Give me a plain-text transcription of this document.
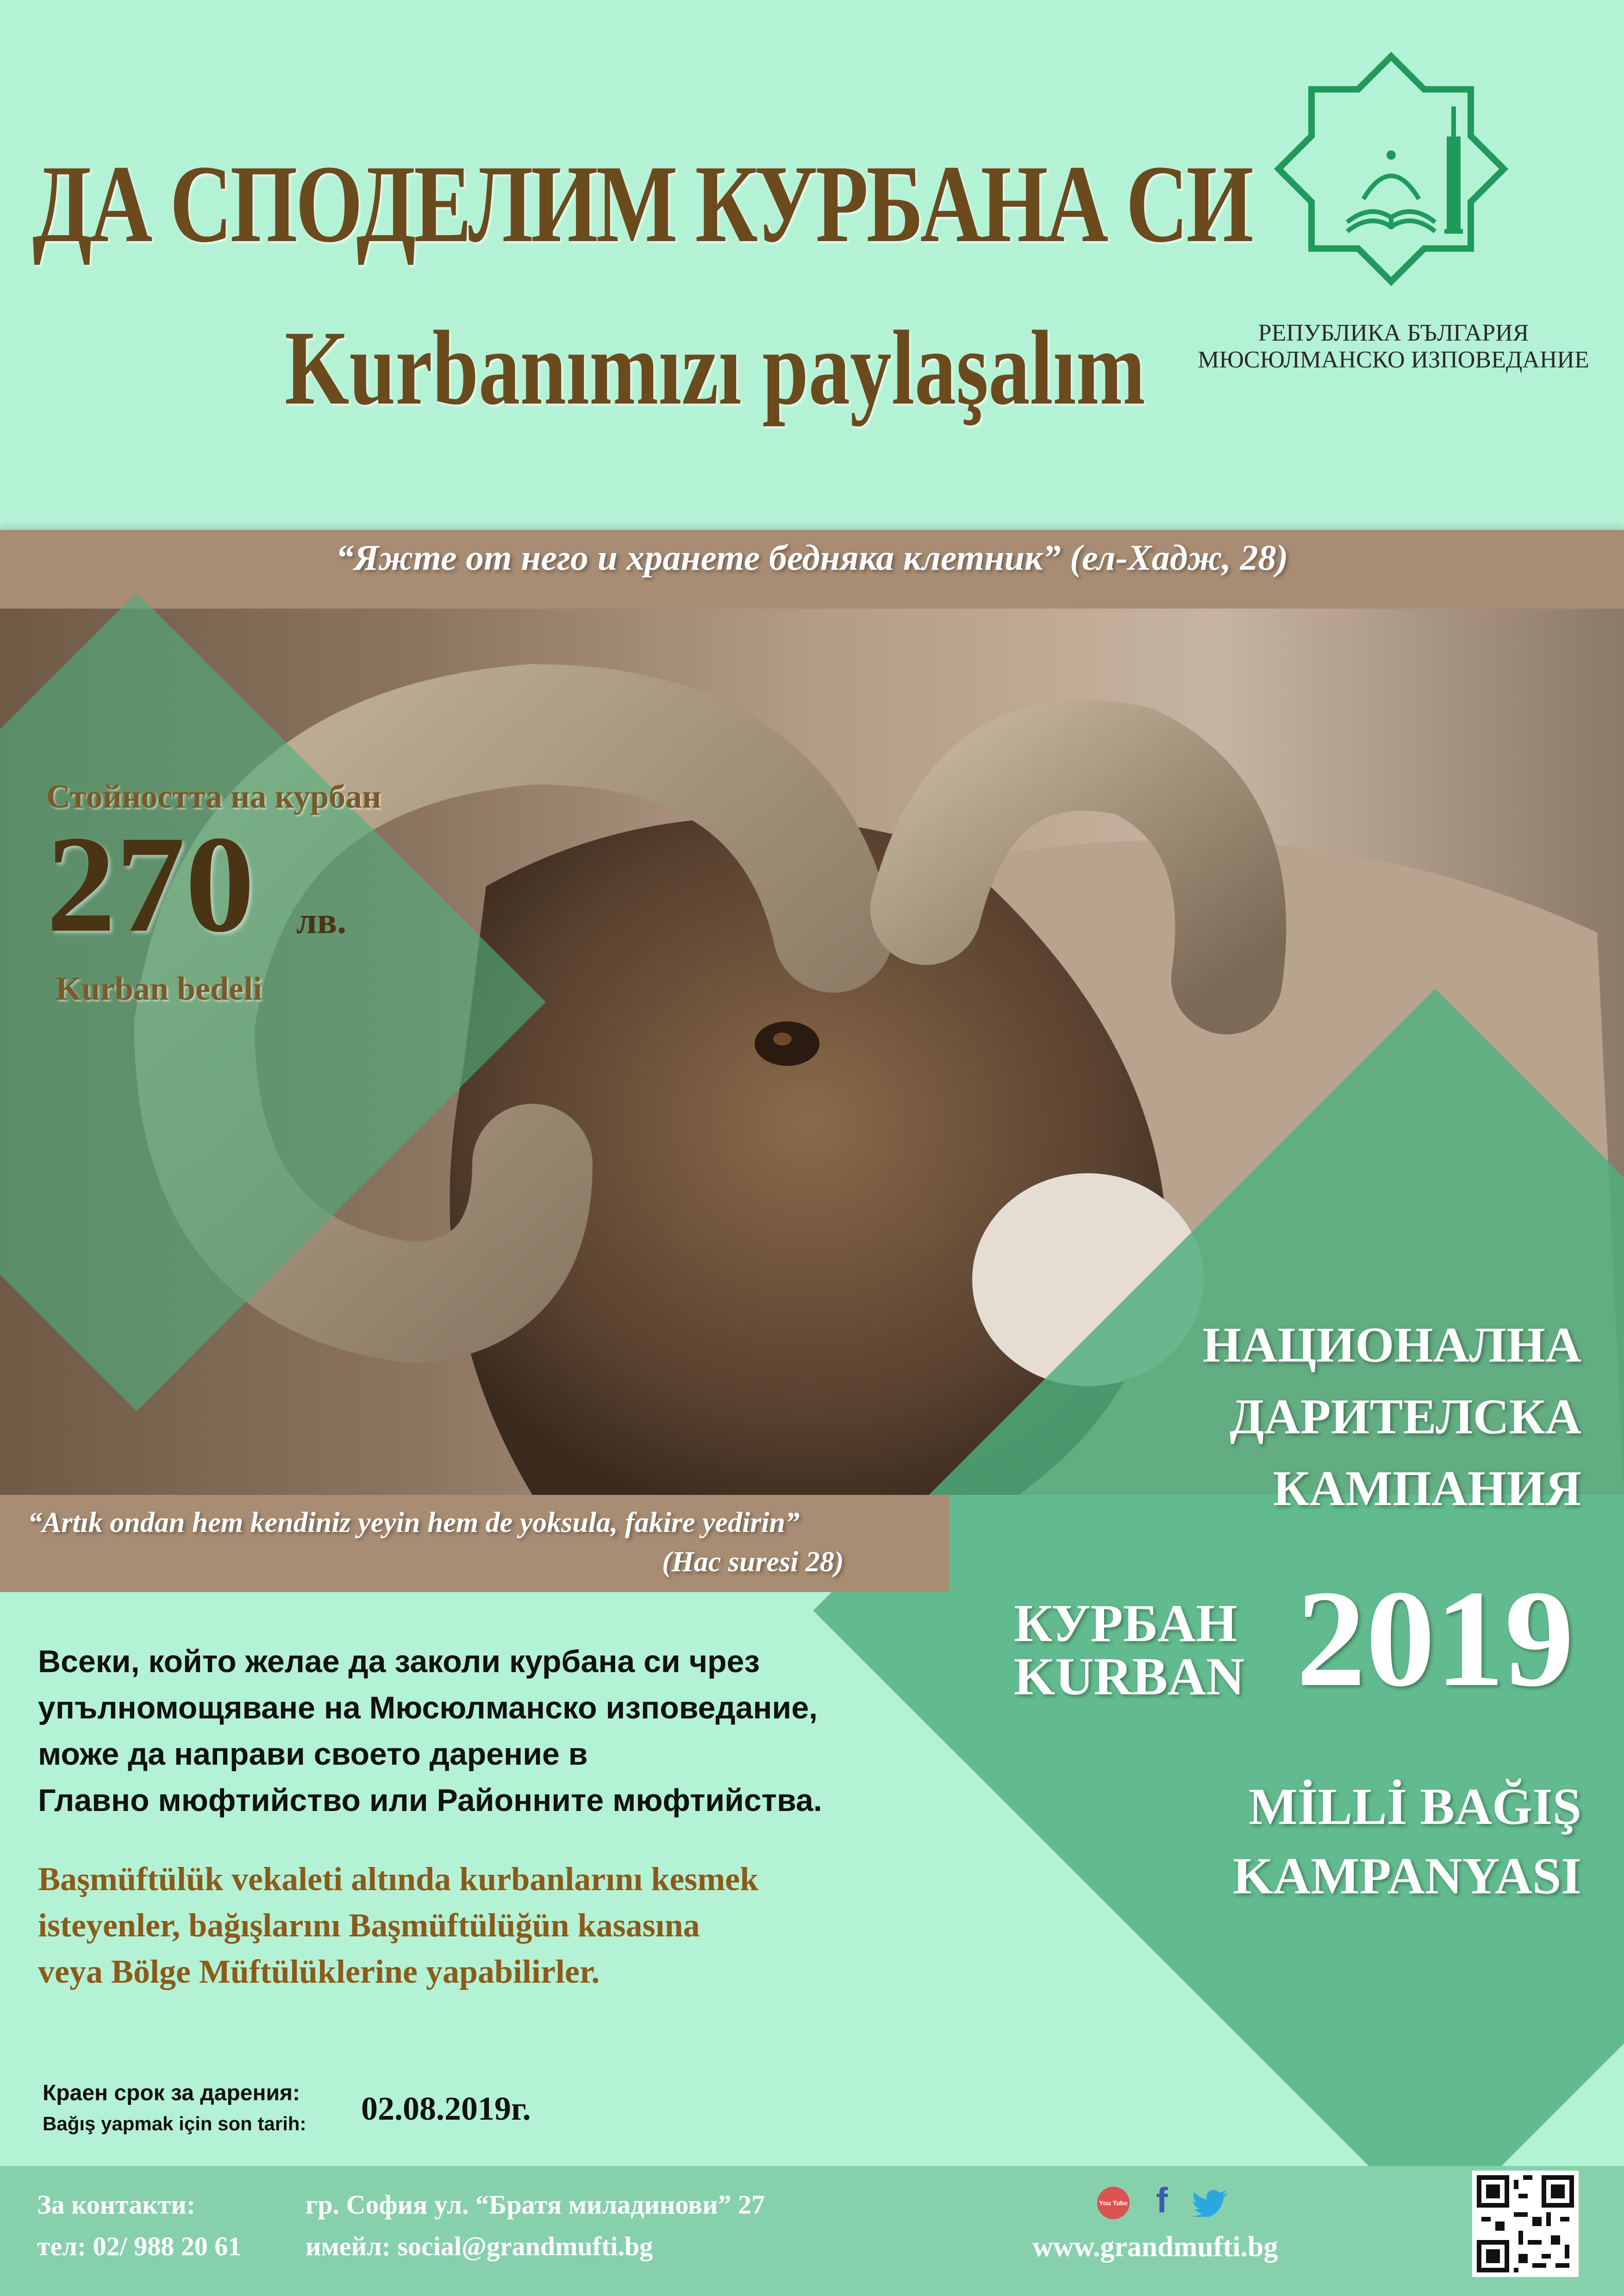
ДА СПОДЕЛИМ КУРБАНА СИ
Kurbanımızı paylaşalım	РЕПУБЛИКА БЪЛГАРИЯ
МЮСЮЛМАНСКО ИЗПОВЕДАНИЕ
“Яжте от него и хранете бедняка клетник” (ел-Хадж, 28)
Стойността на курбан
270 лв.
Kurban bedeli
НАЦИОНАЛНА
ДАРИТЕЛСКА
КАМПАНИЯ
“Artık ondan hem kendiniz yeyin hem de yoksula, fakire yedirin”
(Hac suresi 28)
КУРБАН
KURBAN 2019
MİLLİ BAĞIŞ
KAMPANYASI
Всеки, който желае да заколи курбана си чрез
упълномощяване на Мюсюлманско изповедание,
може да направи своето дарение в
Главно мюфтийство или Районните мюфтийства.
Başmüftülük vekaleti altında kurbanlarını kesmek
isteyenler, bağışlarını Başmüftülüğün kasasına
veya Bölge Müftülüklerine yapabilirler.
Краен срок за дарения:
Bağış yapmak için son tarih: 02.08.2019г.
За контакти:
тел: 02/ 988 20 61
гр. София ул. “Братя миладинови” 27
имейл: social@grandmufti.bg
You Tube f
www.grandmufti.bg
